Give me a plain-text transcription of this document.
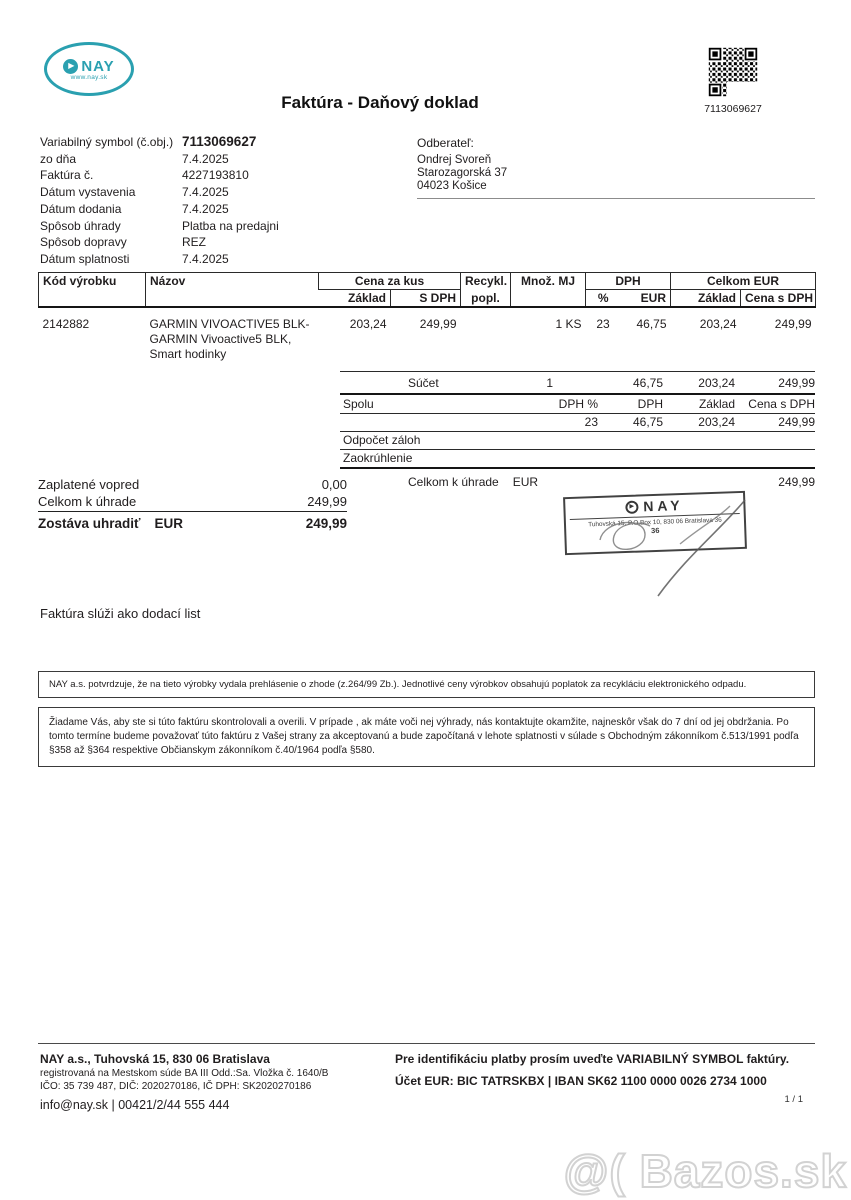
▶ NAY
www.nay.sk
7113069627
Faktúra - Daňový doklad
Variabilný symbol (č.obj.) 7113069627
zo dňa	7.4.2025
Faktúra č.	4227193810
Dátum vystavenia	7.4.2025
Dátum dodania	7.4.2025
Spôsob úhrady	Platba na predajni
Spôsob dopravy	REZ
Dátum splatnosti	7.4.2025
Odberateľ:
Ondrej Svoreň
Starozagorská 37
04023 Košice
Kód výrobku	Názov	Cena za kus		Recykl.	Množ. MJ	DPH		Celkom EUR	
		Základ	S DPH	popl.		%	EUR	Základ	Cena s DPH
2142882	GARMIN VIVOACTIVE5 BLK- GARMIN Vivoactive5 BLK, Smart hodinky	203,24	249,99		1 KS	23	46,75	203,24	249,99
Súčet	1	46,75	203,24	249,99
Spolu	DPH %	DPH	Základ	Cena s DPH
23	46,75	203,24	249,99
Odpočet záloh
Zaokrúhlenie
Celkom k úhrade EUR	249,99
Zaplatené vopred	0,00
Celkom k úhrade	249,99
Zostáva uhradiť EUR	249,99
▶ NAY
Tuhovská 15, P.O.Box 10, 830 06 Bratislava 36
36
Faktúra slúži ako dodací list
NAY a.s. potvrdzuje, že na tieto výrobky vydala prehlásenie o zhode (z.264/99 Zb.). Jednotlivé ceny výrobkov obsahujú poplatok za recykláciu elektronického odpadu.
Žiadame Vás, aby ste si túto faktúru skontrolovali a overili. V prípade , ak máte voči nej výhrady, nás kontaktujte okamžite, najneskôr však do 7 dní od jej obdržania. Po tomto termíne budeme považovať túto faktúru z Vašej strany za akceptovanú a bude započítaná v lehote splatnosti v súlade s Obchodným zákonníkom č.513/1991 podľa §358 až §364 respektive Občianskym zákonníkom č.40/1964 podľa §580.
NAY a.s., Tuhovská 15, 830 06 Bratislava
registrovaná na Mestskom súde BA III Odd.:Sa. Vložka č. 1640/B
IČO: 35 739 487, DIČ: 2020270186, IČ DPH: SK2020270186
info@nay.sk | 00421/2/44 555 444
Pre identifikáciu platby prosím uveďte VARIABILNÝ SYMBOL faktúry.
Účet EUR: BIC TATRSKBX | IBAN SK62 1100 0000 0026 2734 1000
1 / 1
@( Bazos.sk
